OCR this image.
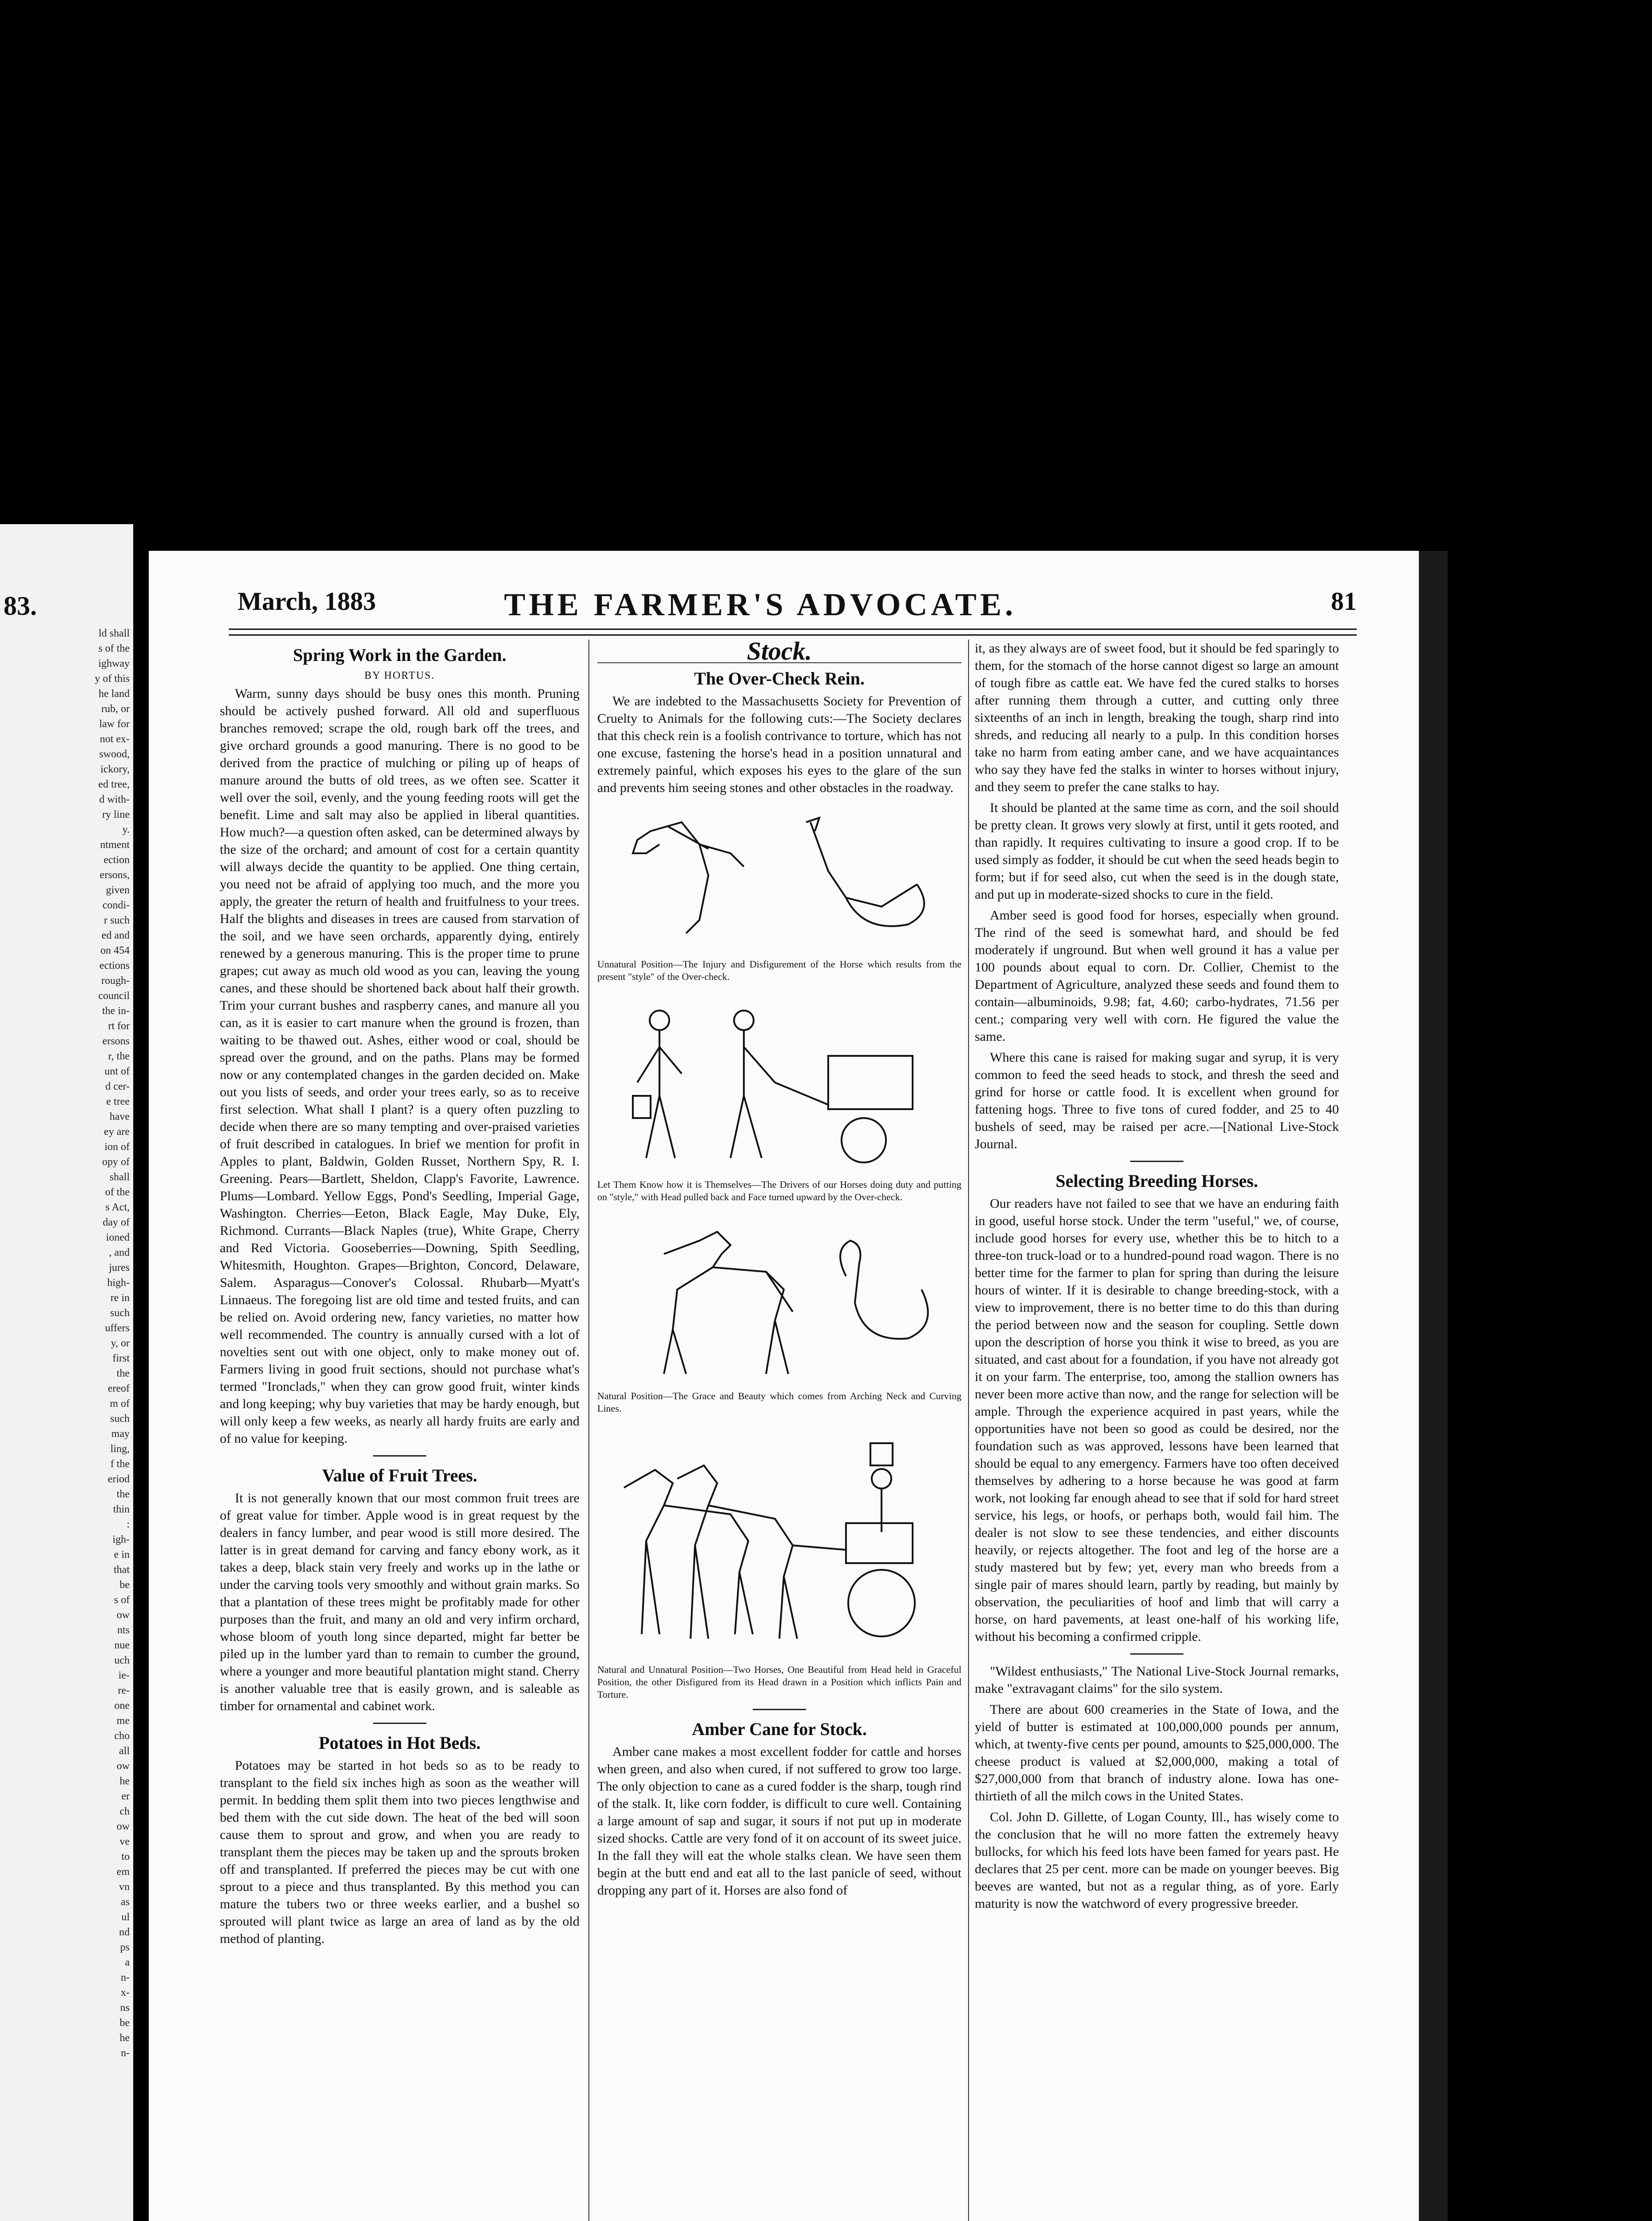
83.
ld shall
s of the
ighway
y of this
he land
rub, or
law for
not ex-
swood,
ickory,
ed tree,
d with-
ry line
y.
ntment
ection
ersons,
given
condi-
r such
ed and
on 454
ections
rough-
council
the in-
rt for
ersons
r, the
unt of
d cer-
e tree
have
ey are
ion of
opy of
shall
of the
s Act,
day of
ioned
, and
jures
high-
re in
such
uffers
y, or
first
the
ereof
m of
such
may
ling,
f the
eriod
the
thin
:
igh-
e in
that
be
s of
ow
nts
nue
uch
ie-
re-
one
me
cho
all
ow
he
er
ch
ow
ve
to
em
vn
as
ul
nd
ps
a
n-
x-
ns
be
he
n-
March, 1883	THE FARMER'S ADVOCATE.	81
Spring Work in the Garden.
BY HORTUS.

Warm, sunny days should be busy ones this month. Pruning should be actively pushed forward. All old and superfluous branches removed; scrape the old, rough bark off the trees, and give orchard grounds a good manuring. There is no good to be derived from the practice of mulching or piling up of heaps of manure around the butts of old trees, as we often see. Scatter it well over the soil, evenly, and the young feeding roots will get the benefit. Lime and salt may also be applied in liberal quantities. How much?—a question often asked, can be determined always by the size of the orchard; and amount of cost for a certain quantity will always decide the quantity to be applied. One thing certain, you need not be afraid of applying too much, and the more you apply, the greater the return of health and fruitfulness to your trees. Half the blights and diseases in trees are caused from starvation of the soil, and we have seen orchards, apparently dying, entirely renewed by a generous manuring. This is the proper time to prune grapes; cut away as much old wood as you can, leaving the young canes, and these should be shortened back about half their growth. Trim your currant bushes and raspberry canes, and manure all you can, as it is easier to cart manure when the ground is frozen, than waiting to be thawed out. Ashes, either wood or coal, should be spread over the ground, and on the paths. Plans may be formed now or any contemplated changes in the garden decided on. Make out you lists of seeds, and order your trees early, so as to receive first selection. What shall I plant? is a query often puzzling to decide when there are so many tempting and over-praised varieties of fruit described in catalogues. In brief we mention for profit in Apples to plant, Baldwin, Golden Russet, Northern Spy, R. I. Greening. Pears—Bartlett, Sheldon, Clapp's Favorite, Lawrence. Plums—Lombard. Yellow Eggs, Pond's Seedling, Imperial Gage, Washington. Cherries—Eeton, Black Eagle, May Duke, Ely, Richmond. Currants—Black Naples (true), White Grape, Cherry and Red Victoria. Gooseberries—Downing, Spith Seedling, Whitesmith, Houghton. Grapes—Brighton, Concord, Delaware, Salem. Asparagus—Conover's Colossal. Rhubarb—Myatt's Linnaeus. The foregoing list are old time and tested fruits, and can be relied on. Avoid ordering new, fancy varieties, no matter how well recommended. The country is annually cursed with a lot of novelties sent out with one object, only to make money out of. Farmers living in good fruit sections, should not purchase what's termed "Ironclads," when they can grow good fruit, winter kinds and long keeping; why buy varieties that may be hardy enough, but will only keep a few weeks, as nearly all hardy fruits are early and of no value for keeping.

Value of Fruit Trees.

It is not generally known that our most common fruit trees are of great value for timber. Apple wood is in great request by the dealers in fancy lumber, and pear wood is still more desired. The latter is in great demand for carving and fancy ebony work, as it takes a deep, black stain very freely and works up in the lathe or under the carving tools very smoothly and without grain marks. So that a plantation of these trees might be profitably made for other purposes than the fruit, and many an old and very infirm orchard, whose bloom of youth long since departed, might far better be piled up in the lumber yard than to remain to cumber the ground, where a younger and more beautiful plantation might stand. Cherry is another valuable tree that is easily grown, and is saleable as timber for ornamental and cabinet work.

Potatoes in Hot Beds.

Potatoes may be started in hot beds so as to be ready to transplant to the field six inches high as soon as the weather will permit. In bedding them split them into two pieces lengthwise and bed them with the cut side down. The heat of the bed will soon cause them to sprout and grow, and when you are ready to transplant them the pieces may be taken up and the sprouts broken off and transplanted. If preferred the pieces may be cut with one sprout to a piece and thus transplanted. By this method you can mature the tubers two or three weeks earlier, and a bushel so sprouted will plant twice as large an area of land as by the old method of planting.

Stock.
The Over-Check Rein.

We are indebted to the Massachusetts Society for Prevention of Cruelty to Animals for the following cuts:—The Society declares that this check rein is a foolish contrivance to torture, which has not one excuse, fastening the horse's head in a position unnatural and extremely painful, which exposes his eyes to the glare of the sun and prevents him seeing stones and other obstacles in the roadway.

Unnatural Position—The Injury and Disfigurement of the Horse which results from the present "style" of the Over-check.
Let Them Know how it is Themselves—The Drivers of our Horses doing duty and putting on "style," with Head pulled back and Face turned upward by the Over-check.
Natural Position—The Grace and Beauty which comes from Arching Neck and Curving Lines.
Natural and Unnatural Position—Two Horses, One Beautiful from Head held in Graceful Position, the other Disfigured from its Head drawn in a Position which inflicts Pain and Torture.
Amber Cane for Stock.

Amber cane makes a most excellent fodder for cattle and horses when green, and also when cured, if not suffered to grow too large. The only objection to cane as a cured fodder is the sharp, tough rind of the stalk. It, like corn fodder, is difficult to cure well. Containing a large amount of sap and sugar, it sours if not put up in moderate sized shocks. Cattle are very fond of it on account of its sweet juice. In the fall they will eat the whole stalks clean. We have seen them begin at the butt end and eat all to the last panicle of seed, without dropping any part of it. Horses are also fond of

it, as they always are of sweet food, but it should be fed sparingly to them, for the stomach of the horse cannot digest so large an amount of tough fibre as cattle eat. We have fed the cured stalks to horses after running them through a cutter, and cutting only three sixteenths of an inch in length, breaking the tough, sharp rind into shreds, and reducing all nearly to a pulp. In this condition horses take no harm from eating amber cane, and we have acquaintances who say they have fed the stalks in winter to horses without injury, and they seem to prefer the cane stalks to hay.

It should be planted at the same time as corn, and the soil should be pretty clean. It grows very slowly at first, until it gets rooted, and than rapidly. It requires cultivating to insure a good crop. If to be used simply as fodder, it should be cut when the seed heads begin to form; but if for seed also, cut when the seed is in the dough state, and put up in moderate-sized shocks to cure in the field.

Amber seed is good food for horses, especially when ground. The rind of the seed is somewhat hard, and should be fed moderately if unground. But when well ground it has a value per 100 pounds about equal to corn. Dr. Collier, Chemist to the Department of Agriculture, analyzed these seeds and found them to contain—albuminoids, 9.98; fat, 4.60; carbo-hydrates, 71.56 per cent.; comparing very well with corn. He figured the value the same.

Where this cane is raised for making sugar and syrup, it is very common to feed the seed heads to stock, and thresh the seed and grind for horse or cattle food. It is excellent when ground for fattening hogs. Three to five tons of cured fodder, and 25 to 40 bushels of seed, may be raised per acre.—[National Live-Stock Journal.

Selecting Breeding Horses.

Our readers have not failed to see that we have an enduring faith in good, useful horse stock. Under the term "useful," we, of course, include good horses for every use, whether this be to hitch to a three-ton truck-load or to a hundred-pound road wagon. There is no better time for the farmer to plan for spring than during the leisure hours of winter. If it is desirable to change breeding-stock, with a view to improvement, there is no better time to do this than during the period between now and the season for coupling. Settle down upon the description of horse you think it wise to breed, as you are situated, and cast about for a foundation, if you have not already got it on your farm. The enterprise, too, among the stallion owners has never been more active than now, and the range for selection will be ample. Through the experience acquired in past years, while the opportunities have not been so good as could be desired, nor the foundation such as was approved, lessons have been learned that should be equal to any emergency. Farmers have too often deceived themselves by adhering to a horse because he was good at farm work, not looking far enough ahead to see that if sold for hard street service, his legs, or hoofs, or perhaps both, would fail him. The dealer is not slow to see these tendencies, and either discounts heavily, or rejects altogether. The foot and leg of the horse are a study mastered but by few; yet, every man who breeds from a single pair of mares should learn, partly by reading, but mainly by observation, the peculiarities of hoof and limb that will carry a horse, on hard pavements, at least one-half of his working life, without his becoming a confirmed cripple.

"Wildest enthusiasts," The National Live-Stock Journal remarks, make "extravagant claims" for the silo system.

There are about 600 creameries in the State of Iowa, and the yield of butter is estimated at 100,000,000 pounds per annum, which, at twenty-five cents per pound, amounts to $25,000,000. The cheese product is valued at $2,000,000, making a total of $27,000,000 from that branch of industry alone. Iowa has one-thirtieth of all the milch cows in the United States.

Col. John D. Gillette, of Logan County, Ill., has wisely come to the conclusion that he will no more fatten the extremely heavy bullocks, for which his feed lots have been famed for years past. He declares that 25 per cent. more can be made on younger beeves. Big beeves are wanted, but not as a regular thing, as of yore. Early maturity is now the watchword of every progressive breeder.
